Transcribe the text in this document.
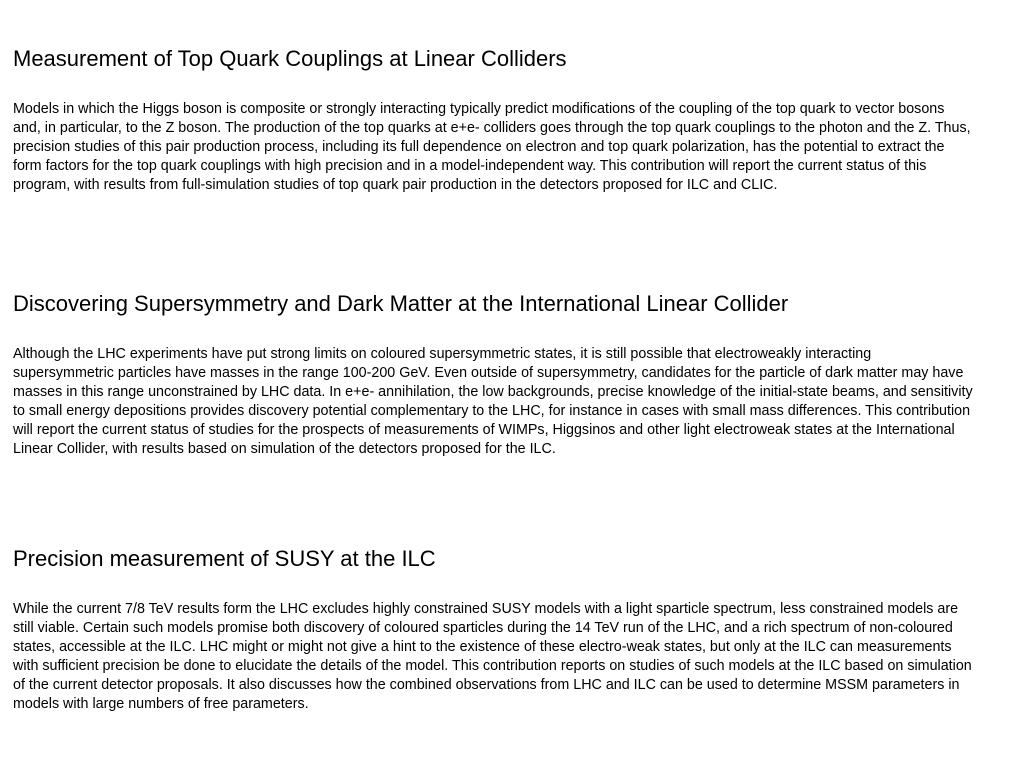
Measurement of Top Quark Couplings at Linear Colliders

Models in which the Higgs boson is composite or strongly interacting typically predict modifications of the coupling of the top quark to vector bosons and, in particular, to the Z boson. The production of the top quarks at e+e- colliders goes through the top quark couplings to the photon and the Z. Thus, precision studies of this pair production process, including its full dependence on electron and top quark polarization, has the potential to extract the form factors for the top quark couplings with high precision and in a model-independent way. This contribution will report the current status of this program, with results from full-simulation studies of top quark pair production in the detectors proposed for ILC and CLIC.

Discovering Supersymmetry and Dark Matter at the International Linear Collider

Although the LHC experiments have put strong limits on coloured supersymmetric states, it is still possible that electroweakly interacting supersymmetric particles have masses in the range 100-200 GeV. Even outside of supersymmetry, candidates for the particle of dark matter may have masses in this range unconstrained by LHC data. In e+e- annihilation, the low backgrounds, precise knowledge of the initial-state beams, and sensitivity to small energy depositions provides discovery potential complementary to the LHC, for instance in cases with small mass differences. This contribution will report the current status of studies for the prospects of measurements of WIMPs, Higgsinos and other light electroweak states at the International Linear Collider, with results based on simulation of the detectors proposed for the ILC.

Precision measurement of SUSY at the ILC

While the current 7/8 TeV results form the LHC excludes highly constrained SUSY models with a light sparticle spectrum, less constrained models are still viable. Certain such models promise both discovery of coloured sparticles during the 14 TeV run of the LHC, and a rich spectrum of non-coloured states, accessible at the ILC. LHC might or might not give a hint to the existence of these electro-weak states, but only at the ILC can measurements with sufficient precision be done to elucidate the details of the model. This contribution reports on studies of such models at the ILC based on simulation of the current detector proposals. It also discusses how the combined observations from LHC and ILC can be used to determine MSSM parameters in models with large numbers of free parameters.
